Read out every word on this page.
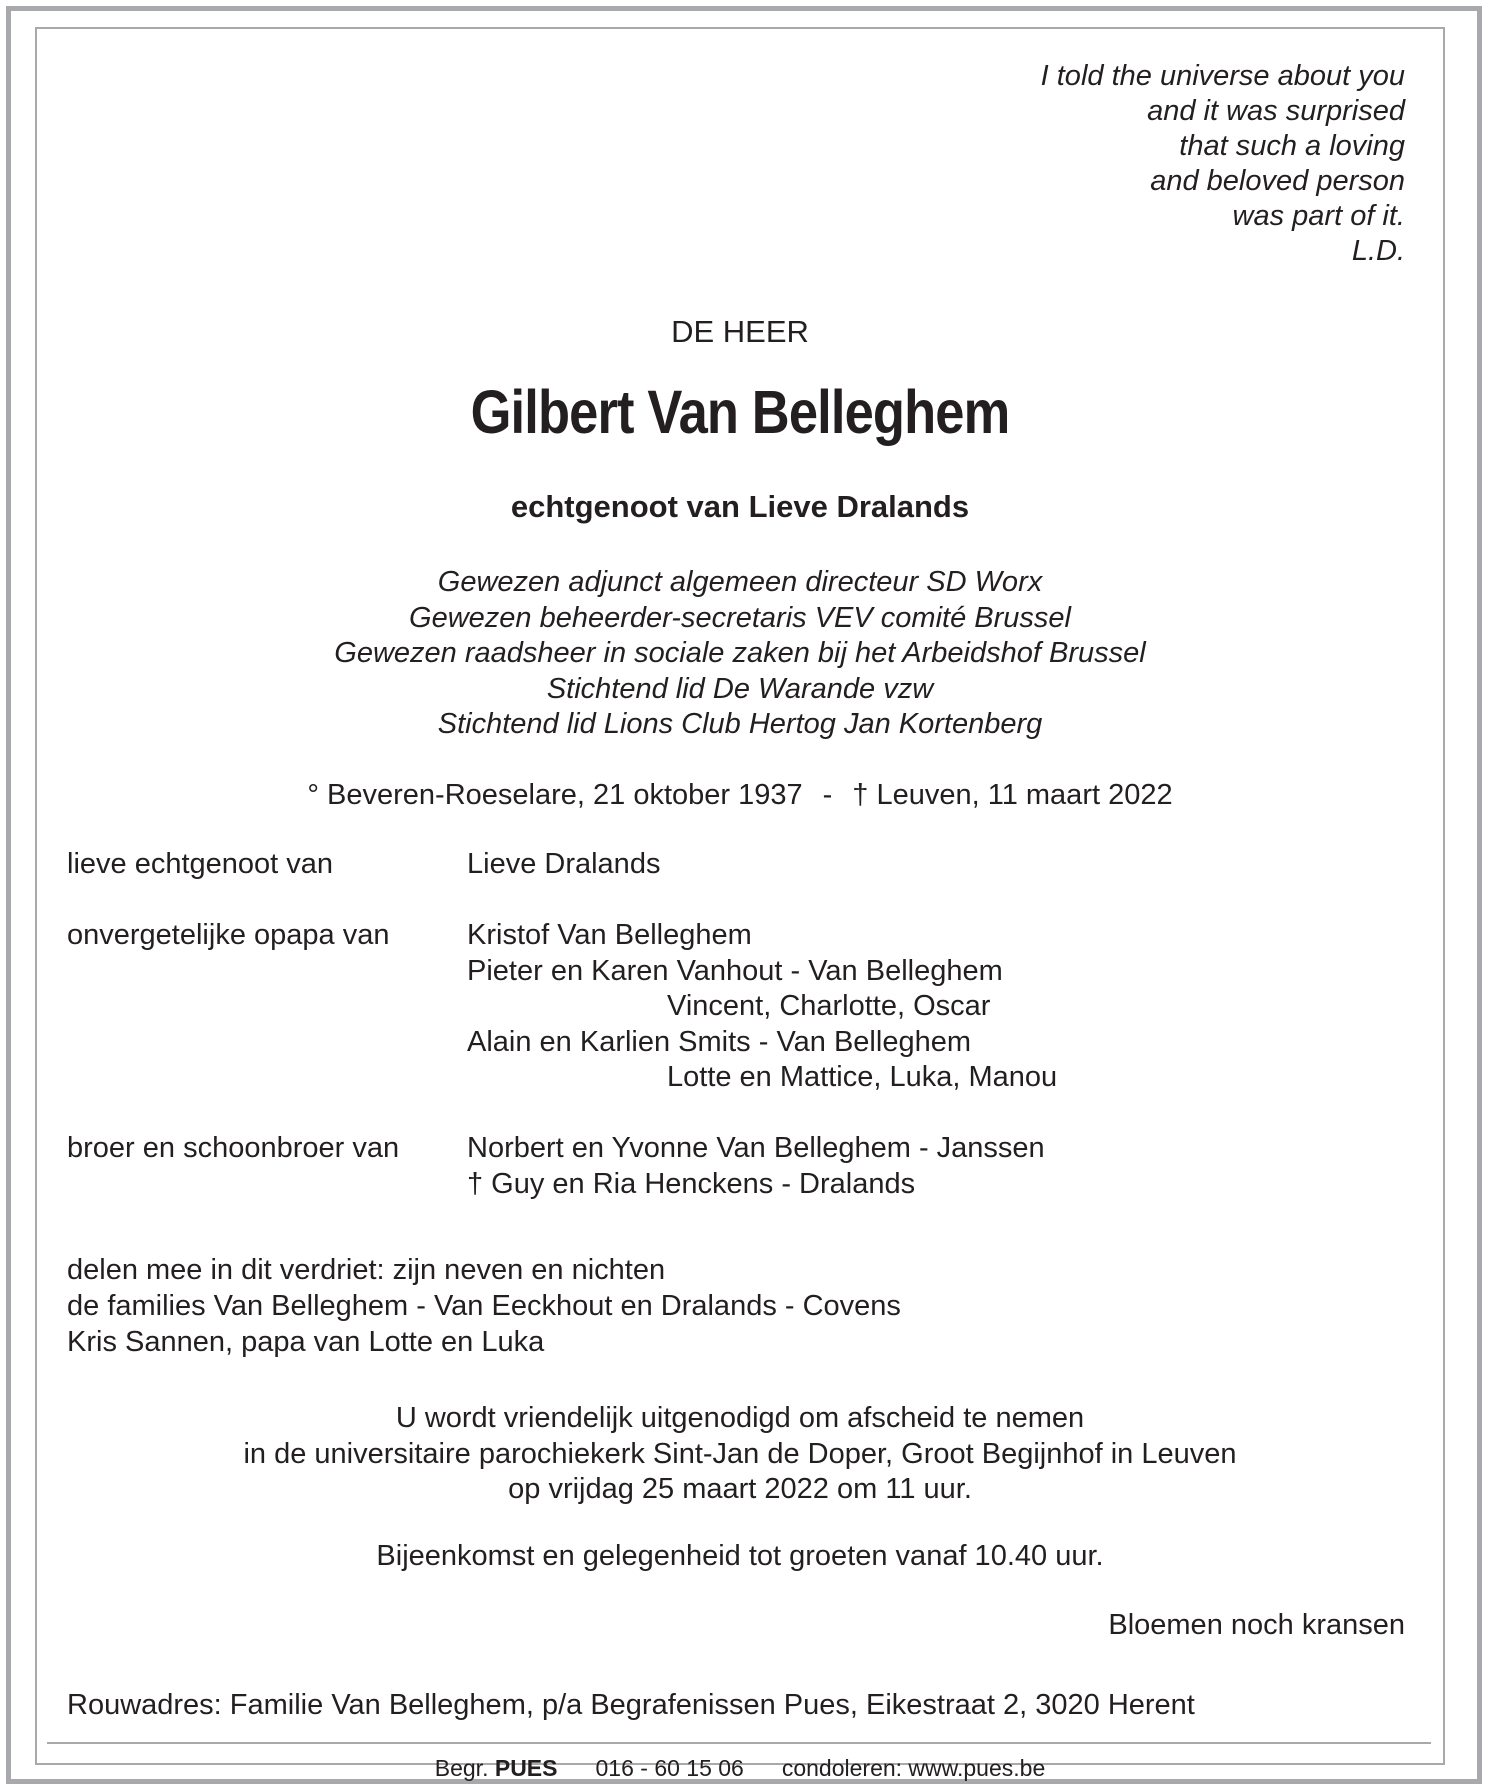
I told the universe about you
and it was surprised
that such a loving
and beloved person
was part of it.
L.D.
DE HEER
Gilbert Van Belleghem
echtgenoot van Lieve Dralands
Gewezen adjunct algemeen directeur SD Worx
Gewezen beheerder-secretaris VEV comité Brussel
Gewezen raadsheer in sociale zaken bij het Arbeidshof Brussel
Stichtend lid De Warande vzw
Stichtend lid Lions Club Hertog Jan Kortenberg
° Beveren-Roeselare, 21 oktober 1937 - † Leuven, 11 maart 2022
lieve echtgenoot van	Lieve Dralands
onvergetelijke opapa van	Kristof Van Belleghem
Pieter en Karen Vanhout - Van Belleghem
Vincent, Charlotte, Oscar
Alain en Karlien Smits - Van Belleghem
Lotte en Mattice, Luka, Manou
broer en schoonbroer van	Norbert en Yvonne Van Belleghem - Janssen
† Guy en Ria Henckens - Dralands
delen mee in dit verdriet: zijn neven en nichten
de families Van Belleghem - Van Eeckhout en Dralands - Covens
Kris Sannen, papa van Lotte en Luka
U wordt vriendelijk uitgenodigd om afscheid te nemen
in de universitaire parochiekerk Sint-Jan de Doper, Groot Begijnhof in Leuven
op vrijdag 25 maart 2022 om 11 uur.
Bijeenkomst en gelegenheid tot groeten vanaf 10.40 uur.
Bloemen noch kransen
Rouwadres: Familie Van Belleghem, p/a Begrafenissen Pues, Eikestraat 2, 3020 Herent
Begr. PUES 016 - 60 15 06 condoleren: www.pues.be
